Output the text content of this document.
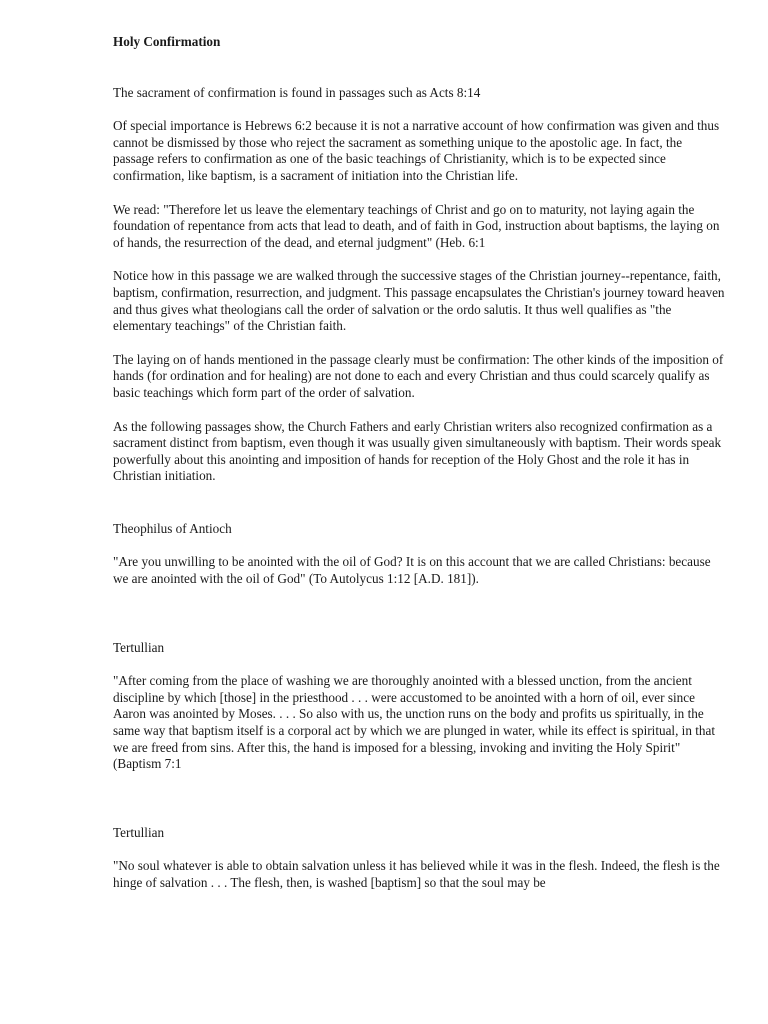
Holy Confirmation

The sacrament of confirmation is found in passages such as Acts 8:14

Of special importance is Hebrews 6:2 because it is not a narrative account of how confirmation was given and thus cannot be dismissed by those who reject the sacrament as something unique to the apostolic age. In fact, the passage refers to confirmation as one of the basic teachings of Christianity, which is to be expected since confirmation, like baptism, is a sacrament of initiation into the Christian life.

We read: "Therefore let us leave the elementary teachings of Christ and go on to maturity, not laying again the foundation of repentance from acts that lead to death, and of faith in God, instruction about baptisms, the laying on of hands, the resurrection of the dead, and eternal judgment" (Heb. 6:1

Notice how in this passage we are walked through the successive stages of the Christian journey--repentance, faith, baptism, confirmation, resurrection, and judgment. This passage encapsulates the Christian's journey toward heaven and thus gives what theologians call the order of salvation or the ordo salutis. It thus well qualifies as "the elementary teachings" of the Christian faith.

The laying on of hands mentioned in the passage clearly must be confirmation: The other kinds of the imposition of hands (for ordination and for healing) are not done to each and every Christian and thus could scarcely qualify as basic teachings which form part of the order of salvation.

As the following passages show, the Church Fathers and early Christian writers also recognized confirmation as a sacrament distinct from baptism, even though it was usually given simultaneously with baptism. Their words speak powerfully about this anointing and imposition of hands for reception of the Holy Ghost and the role it has in Christian initiation.

Theophilus of Antioch

"Are you unwilling to be anointed with the oil of God? It is on this account that we are called Christians: because we are anointed with the oil of God" (To Autolycus 1:12 [A.D. 181]).

Tertullian

"After coming from the place of washing we are thoroughly anointed with a blessed unction, from the ancient discipline by which [those] in the priesthood . . . were accustomed to be anointed with a horn of oil, ever since Aaron was anointed by Moses. . . . So also with us, the unction runs on the body and profits us spiritually, in the same way that baptism itself is a corporal act by which we are plunged in water, while its effect is spiritual, in that we are freed from sins. After this, the hand is imposed for a blessing, invoking and inviting the Holy Spirit" (Baptism 7:1

Tertullian

"No soul whatever is able to obtain salvation unless it has believed while it was in the flesh. Indeed, the flesh is the hinge of salvation . . . The flesh, then, is washed [baptism] so that the soul may be
